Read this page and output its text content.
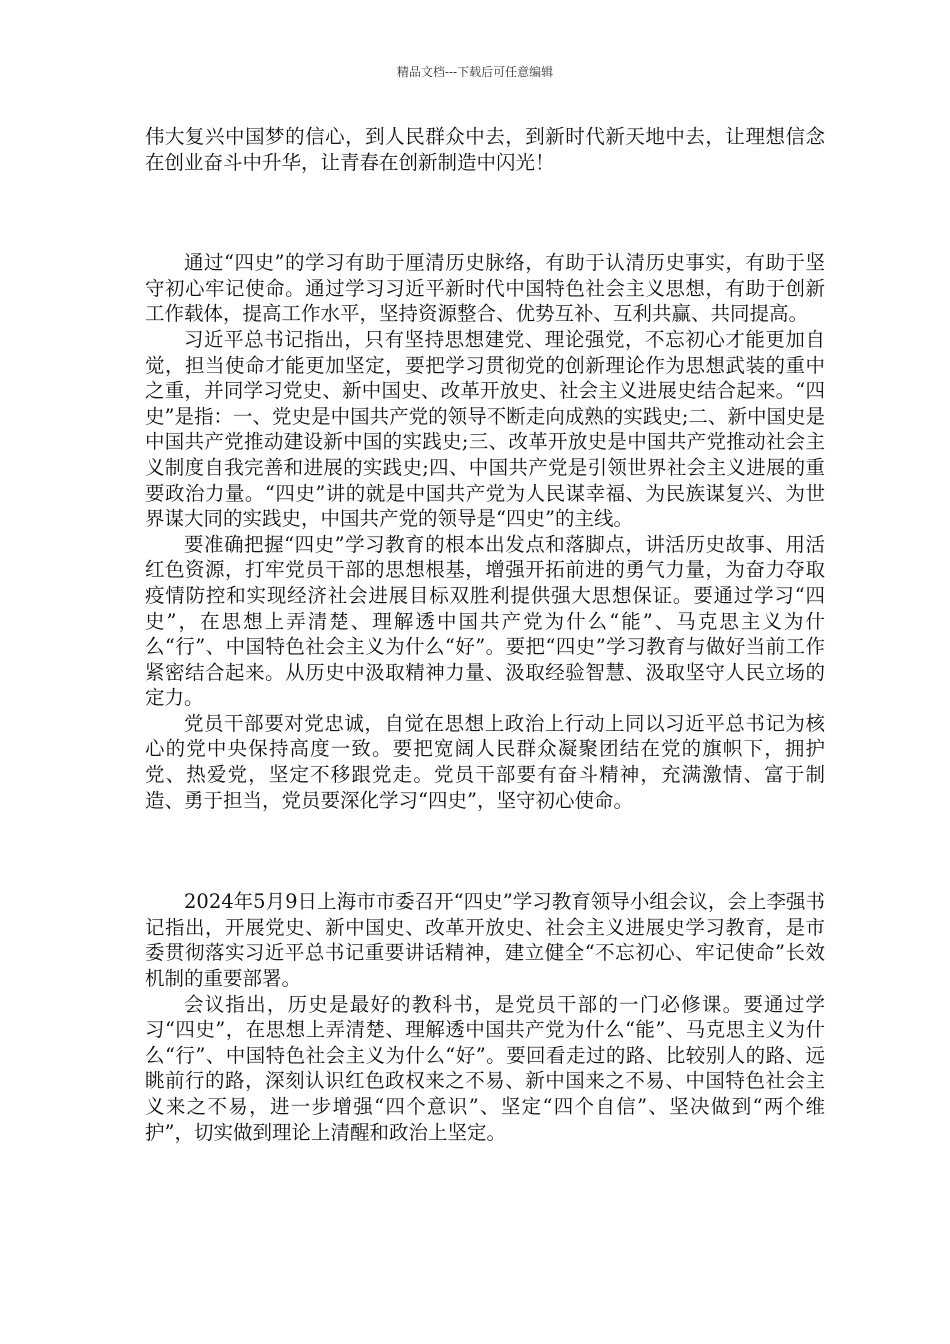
精品文档---下载后可任意编辑

伟大复兴中国梦的信心，到人民群众中去，到新时代新天地中去，让理想信念在创业奋斗中升华，让青春在创新制造中闪光！

通过“四史”的学习有助于厘清历史脉络，有助于认清历史事实，有助于坚守初心牢记使命。通过学习习近平新时代中国特色社会主义思想，有助于创新工作载体，提高工作水平，坚持资源整合、优势互补、互利共赢、共同提高。

习近平总书记指出，只有坚持思想建党、理论强党，不忘初心才能更加自觉，担当使命才能更加坚定，要把学习贯彻党的创新理论作为思想武装的重中之重，并同学习党史、新中国史、改革开放史、社会主义进展史结合起来。“四史”是指：一、党史是中国共产党的领导不断走向成熟的实践史;二、新中国史是中国共产党推动建设新中国的实践史;三、改革开放史是中国共产党推动社会主义制度自我完善和进展的实践史;四、中国共产党是引领世界社会主义进展的重要政治力量。“四史”讲的就是中国共产党为人民谋幸福、为民族谋复兴、为世界谋大同的实践史，中国共产党的领导是“四史”的主线。

要准确把握“四史”学习教育的根本出发点和落脚点，讲活历史故事、用活红色资源，打牢党员干部的思想根基，增强开拓前进的勇气力量，为奋力夺取疫情防控和实现经济社会进展目标双胜利提供强大思想保证。要通过学习“四史”，在思想上弄清楚、理解透中国共产党为什么“能”、马克思主义为什么“行”、中国特色社会主义为什么“好”。要把“四史”学习教育与做好当前工作紧密结合起来。从历史中汲取精神力量、汲取经验智慧、汲取坚守人民立场的定力。

党员干部要对党忠诚，自觉在思想上政治上行动上同以习近平总书记为核心的党中央保持高度一致。要把宽阔人民群众凝聚团结在党的旗帜下，拥护党、热爱党，坚定不移跟党走。党员干部要有奋斗精神，充满激情、富于制造、勇于担当，党员要深化学习“四史”，坚守初心使命。

2024年5月9日上海市市委召开“四史”学习教育领导小组会议，会上李强书记指出，开展党史、新中国史、改革开放史、社会主义进展史学习教育，是市委贯彻落实习近平总书记重要讲话精神，建立健全“不忘初心、牢记使命”长效机制的重要部署。

会议指出，历史是最好的教科书，是党员干部的一门必修课。要通过学习“四史”，在思想上弄清楚、理解透中国共产党为什么“能”、马克思主义为什么“行”、中国特色社会主义为什么“好”。要回看走过的路、比较别人的路、远眺前行的路，深刻认识红色政权来之不易、新中国来之不易、中国特色社会主义来之不易，进一步增强“四个意识”、坚定“四个自信”、坚决做到“两个维护”，切实做到理论上清醒和政治上坚定。
